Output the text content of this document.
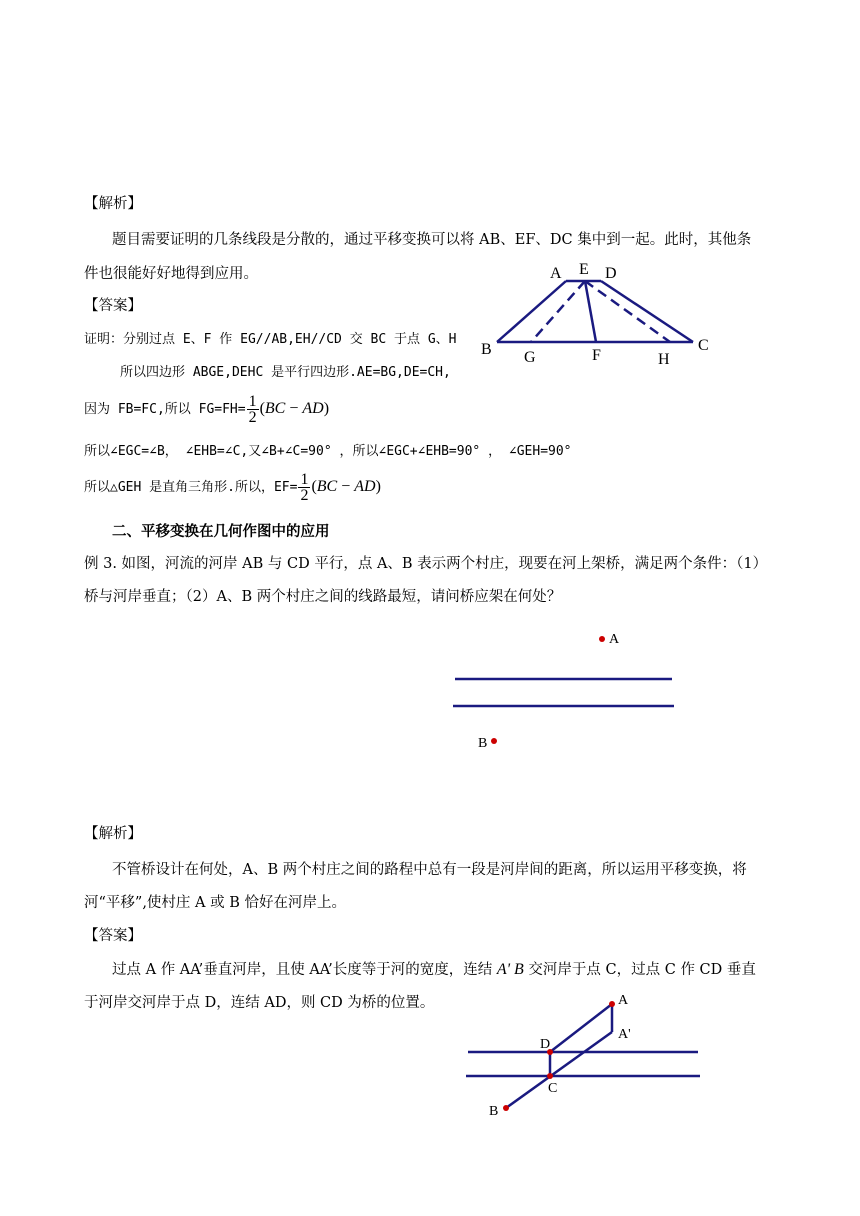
【解析】
题目需要证明的几条线段是分散的，通过平移变换可以将 AB、EF、DC 集中到一起。此时，其他条
件也很能好好地得到应用。
【答案】
证明：分别过点 E、F 作 EG//AB,EH//CD 交 BC 于点 G、H
所以四边形 ABGE,DEHC 是平行四边形.AE=BG,DE=CH,
因为 FB=FC,所以 $FG=FH= \frac{1}{2} (BC - AD)$
所以∠EGC=∠B， ∠EHB=∠C,又∠B+∠C=90° ，所以∠EGC+∠EHB=90° ， ∠GEH=90°
所以△GEH 是直角三角形.所以，$EF= \frac{1}{2} (BC - AD)$
A E D
B G	F	H
C
二、平移变换在几何作图中的应用
例 3. 如图，河流的河岸 AB 与 CD 平行，点 A、B 表示两个村庄，现要在河上架桥，满足两个条件：（1）
桥与河岸垂直；（2）A、B 两个村庄之间的线路最短，请问桥应架在何处？
A
B
【解析】
不管桥设计在何处，A、B 两个村庄之间的路程中总有一段是河岸间的距离，所以运用平移变换，将
河“平移”,使村庄 A 或 B 恰好在河岸上。
【答案】
过点 A 作 AA’垂直河岸，且使 AA’长度等于河的宽度，连结 A' B 交河岸于点 C，过点 C 作 CD 垂直
于河岸交河岸于点 D，连结 AD，则 CD 为桥的位置。	A
A'
D
C
B
